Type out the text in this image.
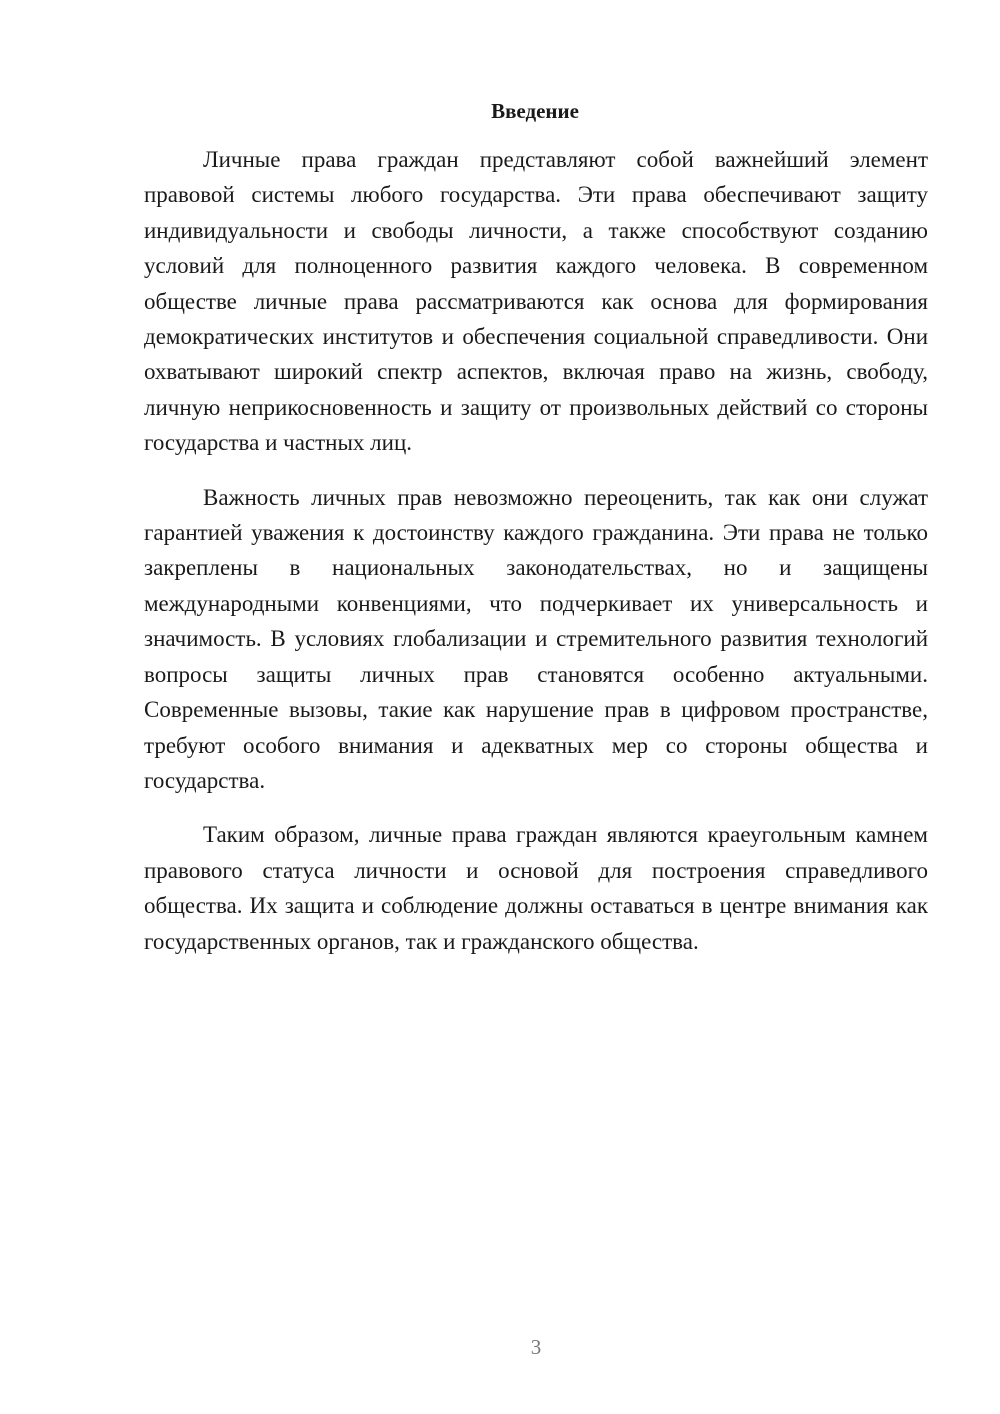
Введение

Личные права граждан представляют собой важнейший элемент правовой системы любого государства. Эти права обеспечивают защиту индивидуальности и свободы личности, а также способствуют созданию условий для полноценного развития каждого человека. В современном обществе личные права рассматриваются как основа для формирования демократических институтов и обеспечения социальной справедливости. Они охватывают широкий спектр аспектов, включая право на жизнь, свободу, личную неприкосновенность и защиту от произвольных действий со стороны государства и частных лиц.

Важность личных прав невозможно переоценить, так как они служат гарантией уважения к достоинству каждого гражданина. Эти права не только закреплены в национальных законодательствах, но и защищены международными конвенциями, что подчеркивает их универсальность и значимость. В условиях глобализации и стремительного развития технологий вопросы защиты личных прав становятся особенно актуальными. Современные вызовы, такие как нарушение прав в цифровом пространстве, требуют особого внимания и адекватных мер со стороны общества и государства.

Таким образом, личные права граждан являются краеугольным камнем правового статуса личности и основой для построения справедливого общества. Их защита и соблюдение должны оставаться в центре внимания как государственных органов, так и гражданского общества.

3
